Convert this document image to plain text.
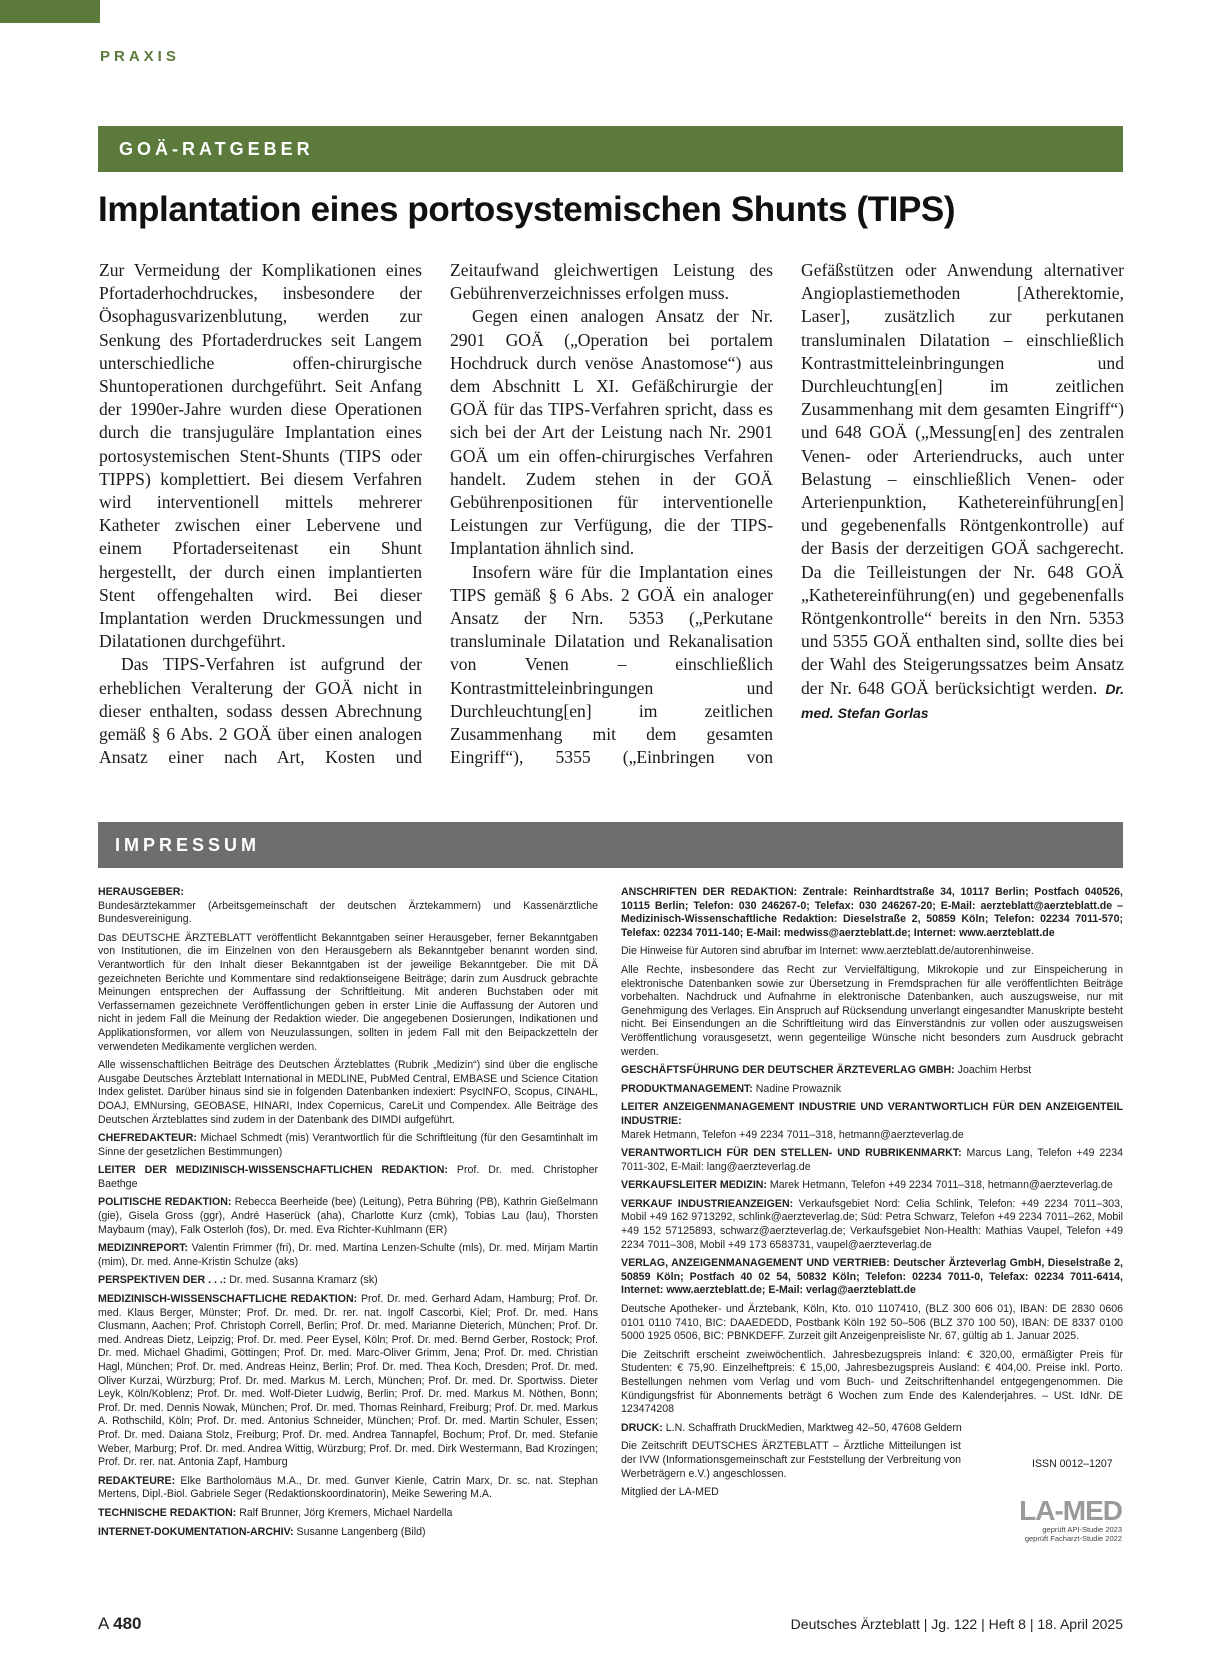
PRAXIS
GOÄ-RATGEBER
Implantation eines portosystemischen Shunts (TIPS)

Zur Vermeidung der Komplikationen eines Pfortaderhochdruckes, insbesondere der Ösophagusvarizenblutung, werden zur Senkung des Pfortaderdruckes seit Langem unterschiedliche offen-chirurgische Shuntoperationen durchgeführt. Seit Anfang der 1990er-Jahre wurden diese Operationen durch die transjuguläre Implantation eines portosystemischen Stent-Shunts (TIPS oder TIPPS) komplettiert. Bei diesem Verfahren wird interventionell mittels mehrerer Katheter zwischen einer Lebervene und einem Pfortaderseitenast ein Shunt hergestellt, der durch einen implantierten Stent offengehalten wird. Bei dieser Implantation werden Druckmessungen und Dilatationen durchgeführt.

Das TIPS-Verfahren ist aufgrund der erheblichen Veralterung der GOÄ nicht in dieser enthalten, sodass dessen Abrechnung gemäß § 6 Abs. 2 GOÄ über einen analogen Ansatz einer nach Art, Kosten und Zeitaufwand gleichwertigen Leistung des Gebührenverzeichnisses erfolgen muss.

Gegen einen analogen Ansatz der Nr. 2901 GOÄ („Operation bei portalem Hochdruck durch venöse Anastomose“) aus dem Abschnitt L XI. Gefäßchirurgie der GOÄ für das TIPS-Verfahren spricht, dass es sich bei der Art der Leistung nach Nr. 2901 GOÄ um ein offen-chirurgisches Verfahren handelt. Zudem stehen in der GOÄ Gebührenpositionen für interventionelle Leistungen zur Verfügung, die der TIPS-Implantation ähnlich sind.

Insofern wäre für die Implantation eines TIPS gemäß § 6 Abs. 2 GOÄ ein analoger Ansatz der Nrn. 5353 („Perkutane transluminale Dilatation und Rekanalisation von Venen – einschließlich Kontrastmitteleinbringungen und Durchleuchtung[en] im zeitlichen Zusammenhang mit dem gesamten Eingriff“), 5355 („Einbringen von Gefäßstützen oder Anwendung alternativer Angioplastiemethoden [Atherektomie, Laser], zusätzlich zur perkutanen transluminalen Dilatation – einschließlich Kontrastmitteleinbringungen und Durchleuchtung[en] im zeitlichen Zusammenhang mit dem gesamten Eingriff“) und 648 GOÄ („Messung[en] des zentralen Venen- oder Arteriendrucks, auch unter Belastung – einschließlich Venen- oder Arterienpunktion, Kathetereinführung[en] und gegebenenfalls Röntgenkontrolle) auf der Basis der derzeitigen GOÄ sachgerecht. Da die Teilleistungen der Nr. 648 GOÄ „Kathetereinführung(en) und gegebenenfalls Röntgenkontrolle“ bereits in den Nrn. 5353 und 5355 GOÄ enthalten sind, sollte dies bei der Wahl des Steigerungssatzes beim Ansatz der Nr. 648 GOÄ berücksichtigt werden. Dr. med. Stefan Gorlas

IMPRESSUM

HERAUSGEBER:
Bundesärztekammer (Arbeitsgemeinschaft der deutschen Ärztekammern) und Kassenärztliche Bundesvereinigung.

Das DEUTSCHE ÄRZTEBLATT veröffentlicht Bekanntgaben seiner Herausgeber, ferner Bekanntgaben von Institutionen, die im Einzelnen von den Herausgebern als Bekanntgeber benannt worden sind. Verantwortlich für den Inhalt dieser Bekanntgaben ist der jeweilige Bekanntgeber. Die mit DÄ gezeichneten Berichte und Kommentare sind redaktionseigene Beiträge; darin zum Ausdruck gebrachte Meinungen entsprechen der Auffassung der Schriftleitung. Mit anderen Buchstaben oder mit Verfassernamen gezeichnete Veröffentlichungen geben in erster Linie die Auffassung der Autoren und nicht in jedem Fall die Meinung der Redaktion wieder. Die angegebenen Dosierungen, Indikationen und Applikationsformen, vor allem von Neuzulassungen, sollten in jedem Fall mit den Beipackzetteln der verwendeten Medikamente verglichen werden.

Alle wissenschaftlichen Beiträge des Deutschen Ärzteblattes (Rubrik „Medizin“) sind über die englische Ausgabe Deutsches Ärzteblatt International in MEDLINE, PubMed Central, EMBASE und Science Citation Index gelistet. Darüber hinaus sind sie in folgenden Datenbanken indexiert: PsycINFO, Scopus, CINAHL, DOAJ, EMNursing, GEOBASE, HINARI, Index Copernicus, CareLit und Compendex. Alle Beiträge des Deutschen Ärzteblattes sind zudem in der Datenbank des DIMDI aufgeführt.

CHEFREDAKTEUR: Michael Schmedt (mis) Verantwortlich für die Schriftleitung (für den Gesamtinhalt im Sinne der gesetzlichen Bestimmungen)

LEITER DER MEDIZINISCH-WISSENSCHAFTLICHEN REDAKTION: Prof. Dr. med. Christopher Baethge

POLITISCHE REDAKTION: Rebecca Beerheide (bee) (Leitung), Petra Bühring (PB), Kathrin Gießelmann (gie), Gisela Gross (ggr), André Haserück (aha), Charlotte Kurz (cmk), Tobias Lau (lau), Thorsten Maybaum (may), Falk Osterloh (fos), Dr. med. Eva Richter-Kuhlmann (ER)

MEDIZINREPORT: Valentin Frimmer (fri), Dr. med. Martina Lenzen-Schulte (mls), Dr. med. Mirjam Martin (mim), Dr. med. Anne-Kristin Schulze (aks)

PERSPEKTIVEN DER . . .: Dr. med. Susanna Kramarz (sk)

MEDIZINISCH-WISSENSCHAFTLICHE REDAKTION: Prof. Dr. med. Gerhard Adam, Hamburg; Prof. Dr. med. Klaus Berger, Münster; Prof. Dr. med. Dr. rer. nat. Ingolf Cascorbi, Kiel; Prof. Dr. med. Hans Clusmann, Aachen; Prof. Christoph Correll, Berlin; Prof. Dr. med. Marianne Dieterich, München; Prof. Dr. med. Andreas Dietz, Leipzig; Prof. Dr. med. Peer Eysel, Köln; Prof. Dr. med. Bernd Gerber, Rostock; Prof. Dr. med. Michael Ghadimi, Göttingen; Prof. Dr. med. Marc-Oliver Grimm, Jena; Prof. Dr. med. Christian Hagl, München; Prof. Dr. med. Andreas Heinz, Berlin; Prof. Dr. med. Thea Koch, Dresden; Prof. Dr. med. Oliver Kurzai, Würzburg; Prof. Dr. med. Markus M. Lerch, München; Prof. Dr. med. Dr. Sportwiss. Dieter Leyk, Köln/Koblenz; Prof. Dr. med. Wolf-Dieter Ludwig, Berlin; Prof. Dr. med. Markus M. Nöthen, Bonn; Prof. Dr. med. Dennis Nowak, München; Prof. Dr. med. Thomas Reinhard, Freiburg; Prof. Dr. med. Markus A. Rothschild, Köln; Prof. Dr. med. Antonius Schneider, München; Prof. Dr. med. Martin Schuler, Essen; Prof. Dr. med. Daiana Stolz, Freiburg; Prof. Dr. med. Andrea Tannapfel, Bochum; Prof. Dr. med. Stefanie Weber, Marburg; Prof. Dr. med. Andrea Wittig, Würzburg; Prof. Dr. med. Dirk Westermann, Bad Krozingen; Prof. Dr. rer. nat. Antonia Zapf, Hamburg

REDAKTEURE: Elke Bartholomäus M.A., Dr. med. Gunver Kienle, Catrin Marx, Dr. sc. nat. Stephan Mertens, Dipl.-Biol. Gabriele Seger (Redaktionskoordinatorin), Meike Sewering M.A.

TECHNISCHE REDAKTION: Ralf Brunner, Jörg Kremers, Michael Nardella

INTERNET-DOKUMENTATION-ARCHIV: Susanne Langenberg (Bild)

ANSCHRIFTEN DER REDAKTION: Zentrale: Reinhardtstraße 34, 10117 Berlin; Postfach 040526, 10115 Berlin; Telefon: 030 246267-0; Telefax: 030 246267-20; E-Mail: aerzteblatt@aerzteblatt.de – Medizinisch-Wissenschaftliche Redaktion: Dieselstraße 2, 50859 Köln; Telefon: 02234 7011-570; Telefax: 02234 7011-140; E-Mail: medwiss@aerzteblatt.de; Internet: www.aerzteblatt.de

Die Hinweise für Autoren sind abrufbar im Internet: www.aerzteblatt.de/autorenhinweise.

Alle Rechte, insbesondere das Recht zur Vervielfältigung, Mikrokopie und zur Einspeicherung in elektronische Datenbanken sowie zur Übersetzung in Fremdsprachen für alle veröffentlichten Beiträge vorbehalten. Nachdruck und Aufnahme in elektronische Datenbanken, auch auszugsweise, nur mit Genehmigung des Verlages. Ein Anspruch auf Rücksendung unverlangt eingesandter Manuskripte besteht nicht. Bei Einsendungen an die Schriftleitung wird das Einverständnis zur vollen oder auszugsweisen Veröffentlichung vorausgesetzt, wenn gegenteilige Wünsche nicht besonders zum Ausdruck gebracht werden.

GESCHÄFTSFÜHRUNG DER DEUTSCHER ÄRZTEVERLAG GMBH: Joachim Herbst

PRODUKTMANAGEMENT: Nadine Prowaznik

LEITER ANZEIGENMANAGEMENT INDUSTRIE UND VERANTWORTLICH FÜR DEN ANZEIGENTEIL INDUSTRIE:
Marek Hetmann, Telefon +49 2234 7011–318, hetmann@aerzteverlag.de

VERANTWORTLICH FÜR DEN STELLEN- UND RUBRIKENMARKT: Marcus Lang, Telefon +49 2234 7011-302, E-Mail: lang@aerzteverlag.de

VERKAUFSLEITER MEDIZIN: Marek Hetmann, Telefon +49 2234 7011–318, hetmann@aerzteverlag.de

VERKAUF INDUSTRIEANZEIGEN: Verkaufsgebiet Nord: Celia Schlink, Telefon: +49 2234 7011–303, Mobil +49 162 9713292, schlink@aerzteverlag.de; Süd: Petra Schwarz, Telefon +49 2234 7011–262, Mobil +49 152 57125893, schwarz@aerzteverlag.de; Verkaufsgebiet Non-Health: Mathias Vaupel, Telefon +49 2234 7011–308, Mobil +49 173 6583731, vaupel@aerzteverlag.de

VERLAG, ANZEIGENMANAGEMENT UND VERTRIEB: Deutscher Ärzteverlag GmbH, Dieselstraße 2, 50859 Köln; Postfach 40 02 54, 50832 Köln; Telefon: 02234 7011-0, Telefax: 02234 7011-6414, Internet: www.aerzteblatt.de; E-Mail: verlag@aerzteblatt.de

Deutsche Apotheker- und Ärztebank, Köln, Kto. 010 1107410, (BLZ 300 606 01), IBAN: DE 2830 0606 0101 0110 7410, BIC: DAAEDEDD, Postbank Köln 192 50–506 (BLZ 370 100 50), IBAN: DE 8337 0100 5000 1925 0506, BIC: PBNKDEFF. Zurzeit gilt Anzeigenpreisliste Nr. 67, gültig ab 1. Januar 2025.

Die Zeitschrift erscheint zweiwöchentlich. Jahresbezugspreis Inland: € 320,00, ermäßigter Preis für Studenten: € 75,90. Einzelheftpreis: € 15,00, Jahresbezugspreis Ausland: € 404,00. Preise inkl. Porto. Bestellungen nehmen vom Verlag und vom Buch- und Zeitschriftenhandel entgegengenommen. Die Kündigungsfrist für Abonnements beträgt 6 Wochen zum Ende des Kalenderjahres. – USt. IdNr. DE 123474208

DRUCK: L.N. Schaffrath DruckMedien, Marktweg 42–50, 47608 Geldern

Die Zeitschrift DEUTSCHES ÄRZTEBLATT – Ärztliche Mitteilungen ist der IVW (Informationsgemeinschaft zur Feststellung der Verbreitung von Werbeträgern e.V.) angeschlossen.

Mitglied der LA-MED

ISSN 0012–1207
LA-MED
geprüft API-Studie 2023
geprüft Facharzt-Studie 2022
A 480	Deutsches Ärzteblatt | Jg. 122 | Heft 8 | 18. April 2025
